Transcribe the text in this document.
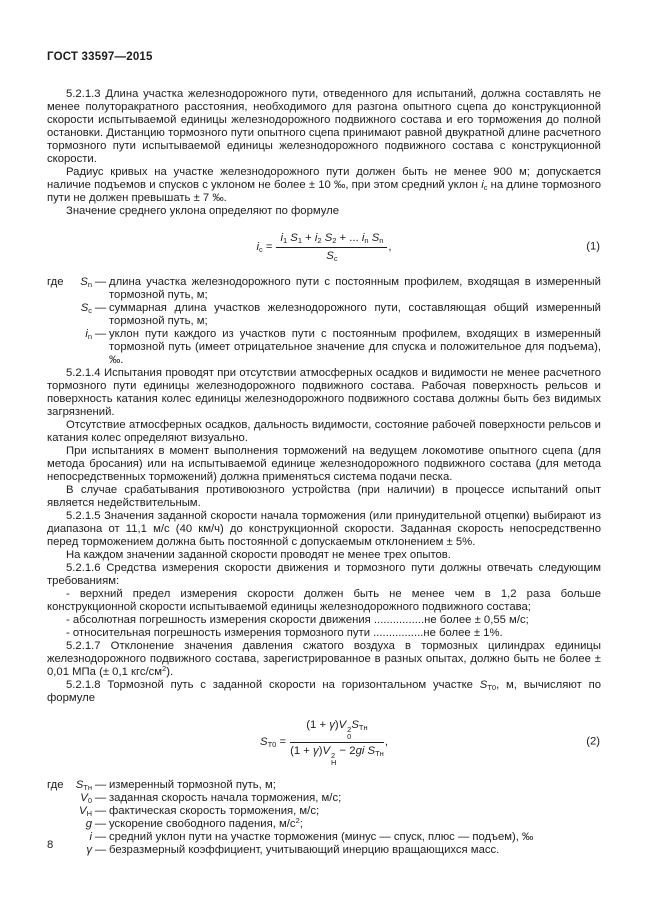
ГОСТ 33597—2015

5.2.1.3 Длина участка железнодорожного пути, отведенного для испытаний, должна составлять не менее полуторакратного расстояния, необходимого для разгона опытного сцепа до конструкционной скорости испытываемой единицы железнодорожного подвижного состава и его торможения до полной остановки. Дистанцию тормозного пути опытного сцепа принимают равной двукратной длине расчетного тормозного пути испытываемой единицы железнодорожного подвижного состава с конструкционной скорости.

Радиус кривых на участке железнодорожного пути должен быть не менее 900 м; допускается наличие подъемов и спусков с уклоном не более ± 10 ‰, при этом средний уклон $i_c$ на длине тормозного пути не должен превышать ± 7 ‰.

Значение среднего уклона определяют по формуле

$i_c = \frac{i_1 S_1 + i_2 S_2 + ... i_n S_n}{S_c}$ ,	(1)
где	$S_n$ — длина участка железнодорожного пути с постоянным профилем, входящая в измеренный тормозной путь, м;
$S_c$ — суммарная длина участков железнодорожного пути, составляющая общий измеренный тормозной путь, м;
$i_n$ — уклон пути каждого из участков пути с постоянным профилем, входящих в измеренный тормозной путь (имеет отрицательное значение для спуска и положительное для подъема), ‰.

5.2.1.4 Испытания проводят при отсутствии атмосферных осадков и видимости не менее расчетного тормозного пути единицы железнодорожного подвижного состава. Рабочая поверхность рельсов и поверхность катания колес единицы железнодорожного подвижного состава должны быть без видимых загрязнений.

Отсутствие атмосферных осадков, дальность видимости, состояние рабочей поверхности рельсов и катания колес определяют визуально.

При испытаниях в момент выполнения торможений на ведущем локомотиве опытного сцепа (для метода бросания) или на испытываемой единице железнодорожного подвижного состава (для метода непосредственных торможений) должна применяться система подачи песка.

В случае срабатывания противоюзного устройства (при наличии) в процессе испытаний опыт является недействительным.

5.2.1.5 Значения заданной скорости начала торможения (или принудительной отцепки) выбирают из диапазона от 11,1 м/с (40 км/ч) до конструкционной скорости. Заданная скорость непосредственно перед торможением должна быть постоянной с допускаемым отклонением ± 5%.

На каждом значении заданной скорости проводят не менее трех опытов.

5.2.1.6 Средства измерения скорости движения и тормозного пути должны отвечать следующим требованиям:

- верхний предел измерения скорости должен быть не менее чем в 1,2 раза больше конструкционной скорости испытываемой единицы железнодорожного подвижного состава;

- абсолютная погрешность измерения скорости движения ................не более ± 0,55 м/с;

- относительная погрешность измерения тормозного пути ................не более ± 1%.

5.2.1.7 Отклонение значения давления сжатого воздуха в тормозных цилиндрах единицы железнодорожного подвижного состава, зарегистрированное в разных опытах, должно быть не более ± 0,01 МПа (± 0,1 кгс/$см^2$).

5.2.1.8 Тормозной путь с заданной скорости на горизонтальном участке $S_{Т0}$, м, вычисляют по формуле

$S_{Т0} = (1 + \gamma)V$ 2
0
$S_{Тн}$
(1 + γ)V 2
Н
− 2gi $S_{Тн}$ ,	(2)
где	$S_{Тн}$ — измеренный тормозной путь, м;
$V_0$ — заданная скорость начала торможения, м/с;
$V_Н$ — фактическая скорость торможения, м/с;
g — ускорение свободного падения, $м/с^2$;
i — средний уклон пути на участке торможения (минус — спуск, плюс — подъем), ‰
γ — безразмерный коэффициент, учитывающий инерцию вращающихся масс.
8
